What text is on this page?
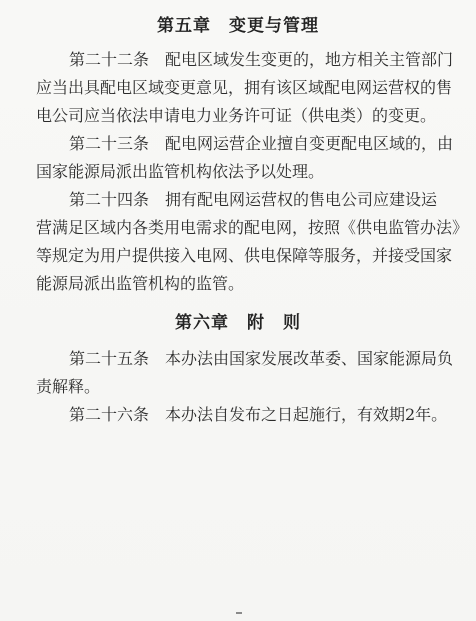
第五章　变更与管理
第二十二条　配电区域发生变更的，地方相关主管部门
应当出具配电区域变更意见，拥有该区域配电网运营权的售
电公司应当依法申请电力业务许可证（供电类）的变更。
第二十三条　配电网运营企业擅自变更配电区域的，由
国家能源局派出监管机构依法予以处理。
第二十四条　拥有配电网运营权的售电公司应建设运
营满足区域内各类用电需求的配电网，按照《供电监管办法》
等规定为用户提供接入电网、供电保障等服务，并接受国家
能源局派出监管机构的监管。
第六章　附　则
第二十五条　本办法由国家发展改革委、国家能源局负
责解释。
第二十六条　本办法自发布之日起施行，有效期2年。
